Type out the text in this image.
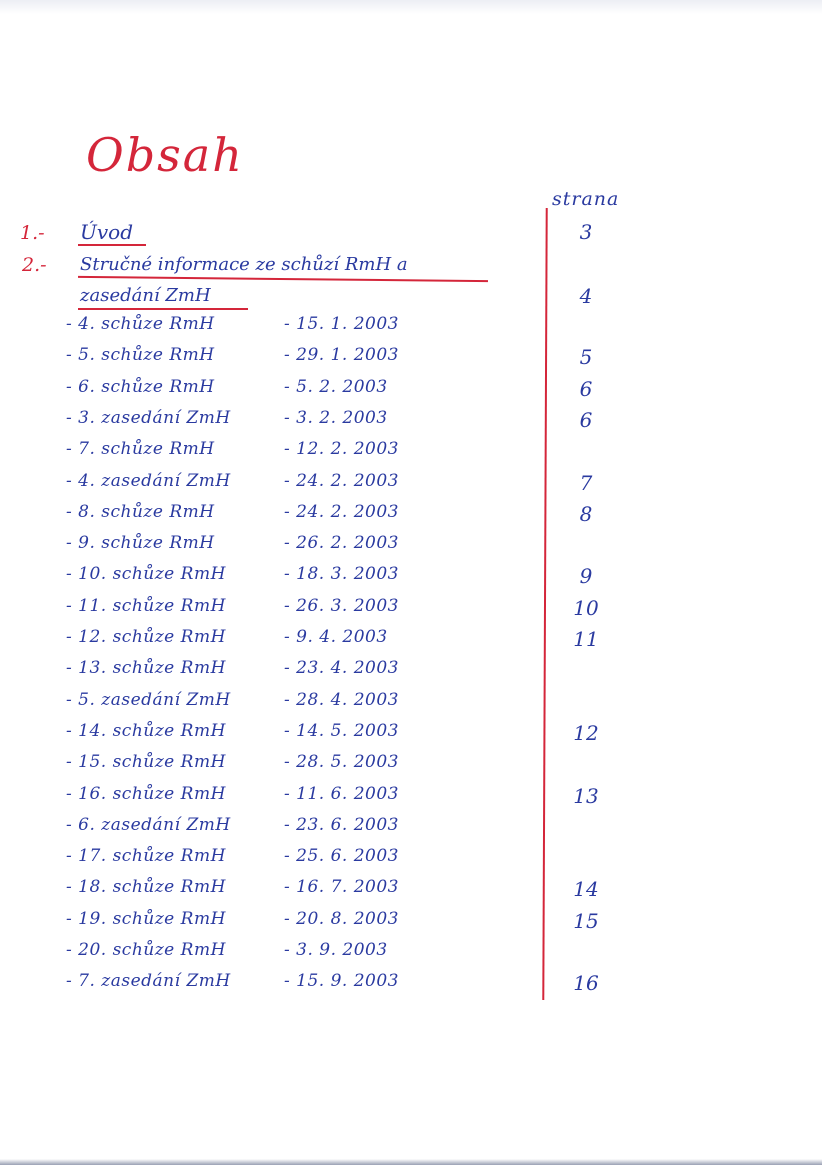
Obsah
strana
1.- Úvod	3
2.- Stručné informace ze schůzí RmH a
zasedání ZmH	4
- 4. schůze RmH	- 15. 1. 2003
- 5. schůze RmH	- 29. 1. 2003	5
- 6. schůze RmH	- 5. 2. 2003	6
- 3. zasedání ZmH	- 3. 2. 2003	6
- 7. schůze RmH	- 12. 2. 2003
- 4. zasedání ZmH	- 24. 2. 2003	7
- 8. schůze RmH	- 24. 2. 2003	8
- 9. schůze RmH	- 26. 2. 2003
- 10. schůze RmH	- 18. 3. 2003	9
- 11. schůze RmH	- 26. 3. 2003	10
- 12. schůze RmH	- 9. 4. 2003	11
- 13. schůze RmH	- 23. 4. 2003
- 5. zasedání ZmH	- 28. 4. 2003
- 14. schůze RmH	- 14. 5. 2003	12
- 15. schůze RmH	- 28. 5. 2003
- 16. schůze RmH	- 11. 6. 2003	13
- 6. zasedání ZmH	- 23. 6. 2003
- 17. schůze RmH	- 25. 6. 2003
- 18. schůze RmH	- 16. 7. 2003	14
- 19. schůze RmH	- 20. 8. 2003	15
- 20. schůze RmH	- 3. 9. 2003
- 7. zasedání ZmH	- 15. 9. 2003	16
